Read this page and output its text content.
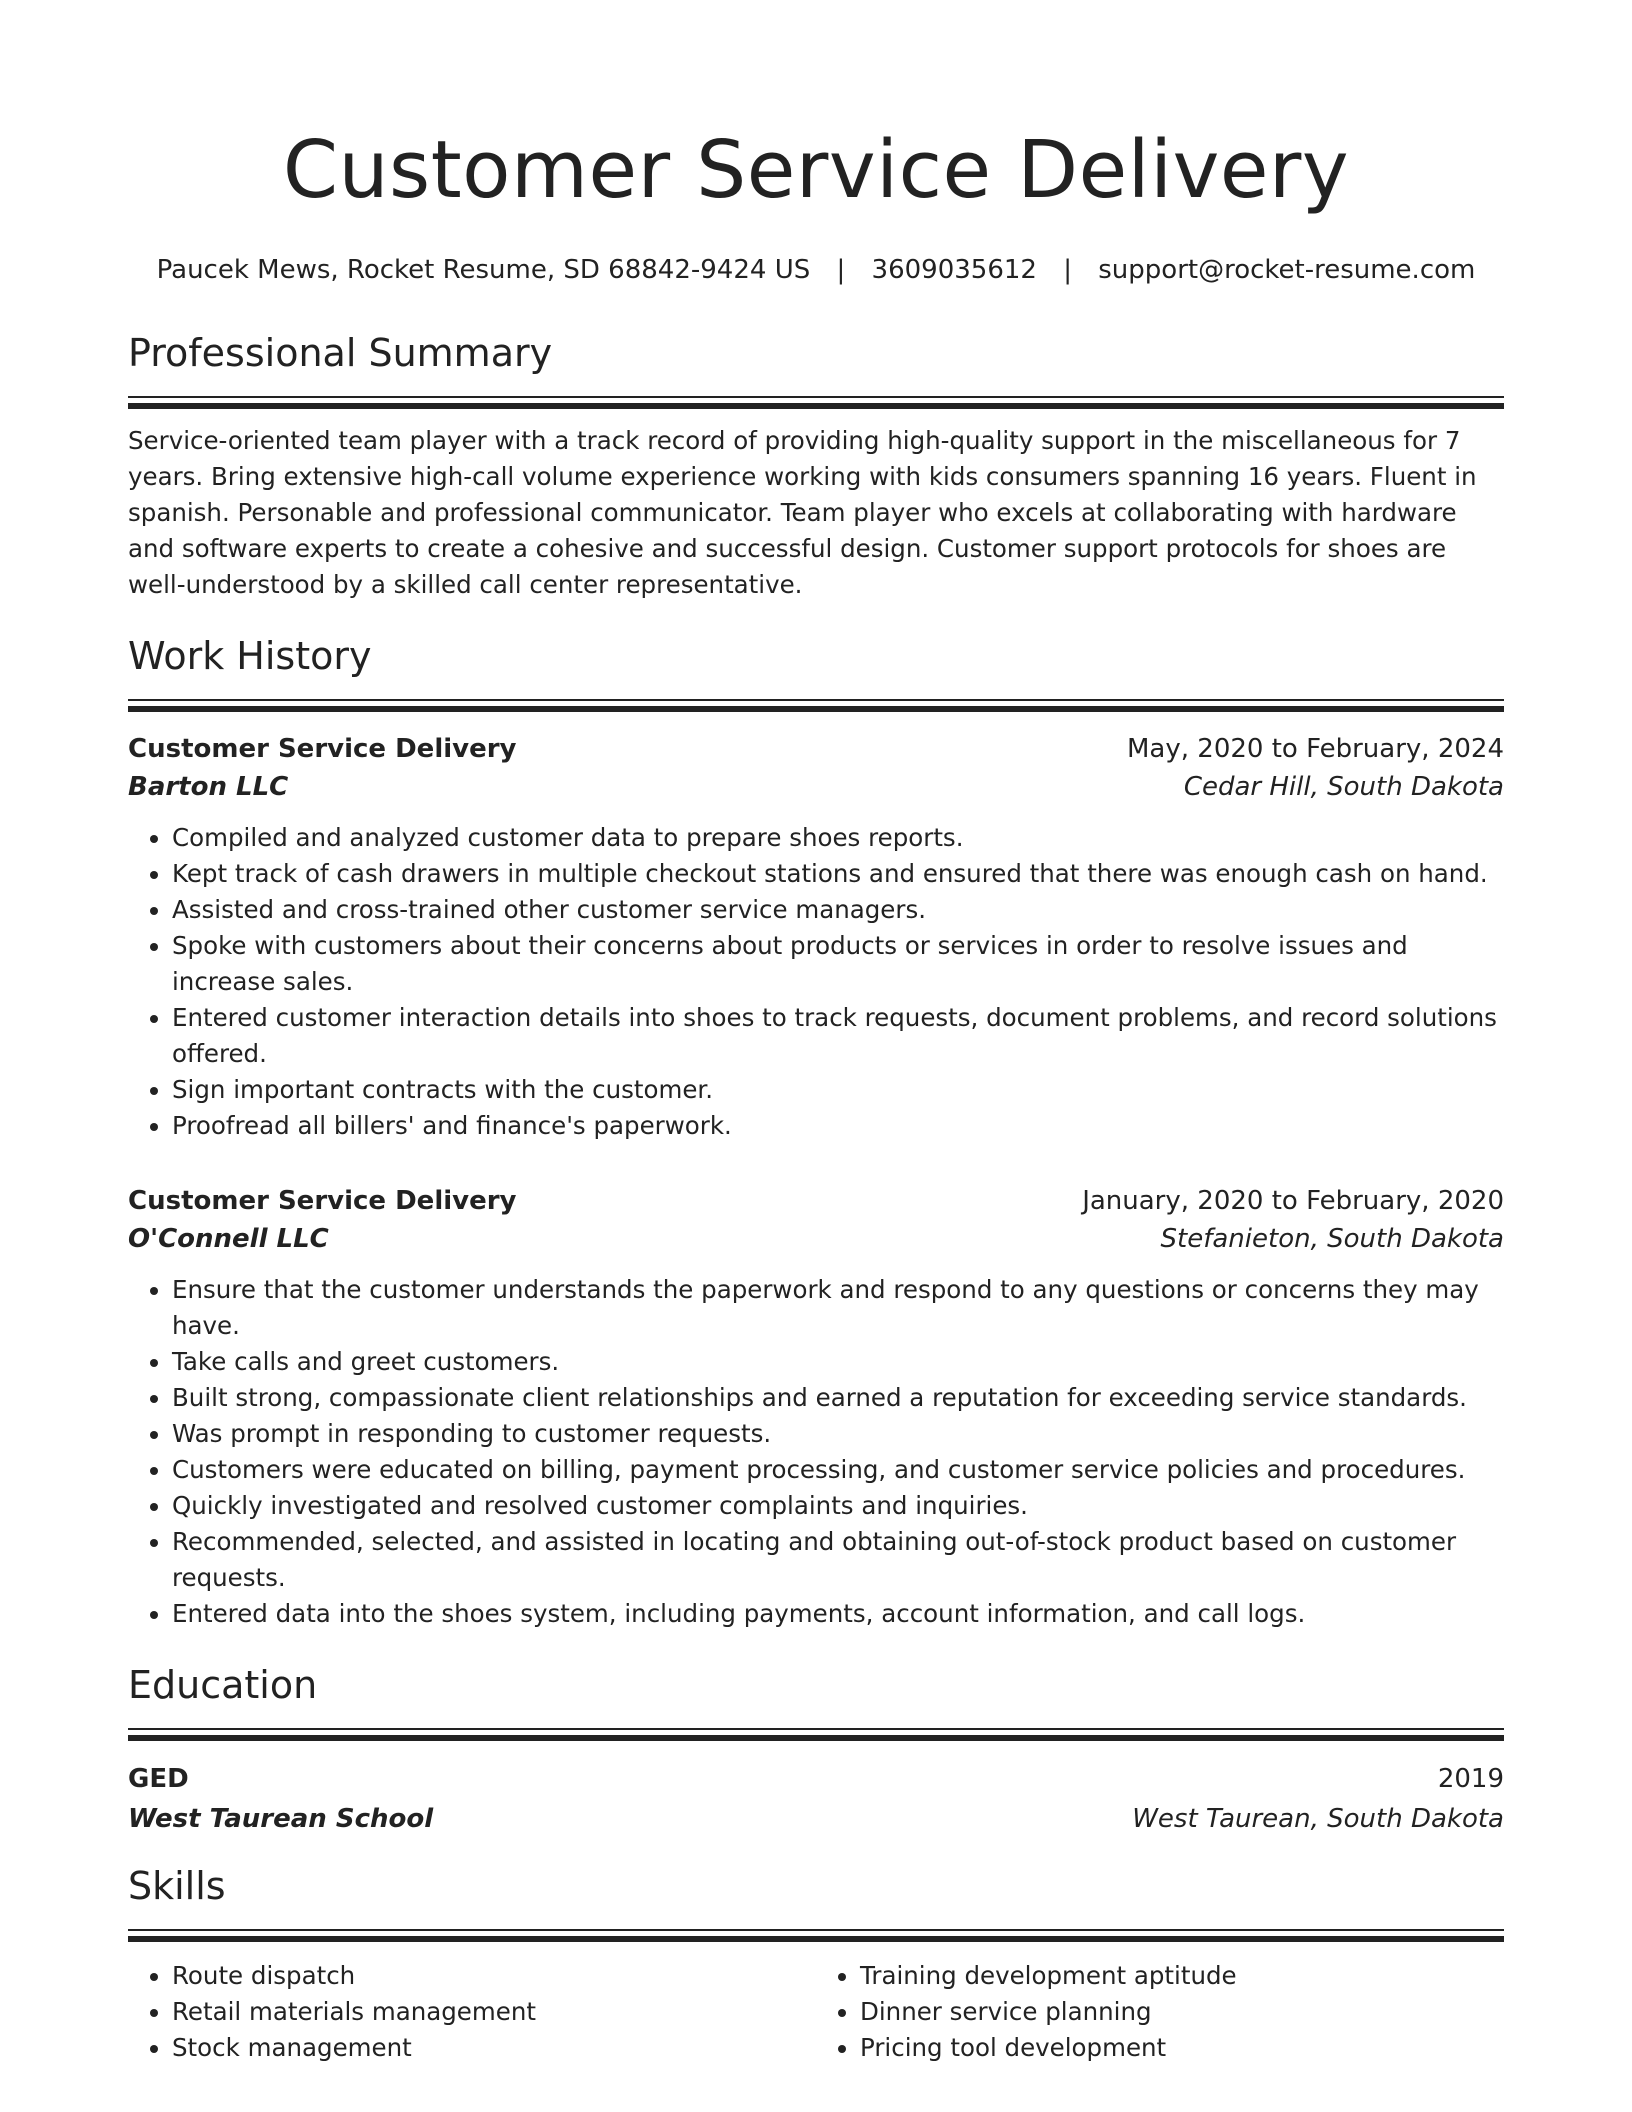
Customer Service Delivery
Paucek Mews, Rocket Resume, SD 68842-9424 US | 3609035612 | support@rocket-resume.com
Professional Summary

Service-oriented team player with a track record of providing high-quality support in the miscellaneous for 7 years. Bring extensive high-call volume experience working with kids consumers spanning 16 years. Fluent in spanish. Personable and professional communicator. Team player who excels at collaborating with hardware and software experts to create a cohesive and successful design. Customer support protocols for shoes are well-understood by a skilled call center representative.

Work History
Customer Service Delivery	May, 2020 to February, 2024
Barton LLC	Cedar Hill, South Dakota
• Compiled and analyzed customer data to prepare shoes reports.
• Kept track of cash drawers in multiple checkout stations and ensured that there was enough cash on hand.
• Assisted and cross-trained other customer service managers.
• Spoke with customers about their concerns about products or services in order to resolve issues and increase sales.
• Entered customer interaction details into shoes to track requests, document problems, and record solutions offered.
• Sign important contracts with the customer.
• Proofread all billers' and finance's paperwork.
Customer Service Delivery	January, 2020 to February, 2020
O'Connell LLC	Stefanieton, South Dakota
• Ensure that the customer understands the paperwork and respond to any questions or concerns they may have.
• Take calls and greet customers.
• Built strong, compassionate client relationships and earned a reputation for exceeding service standards.
• Was prompt in responding to customer requests.
• Customers were educated on billing, payment processing, and customer service policies and procedures.
• Quickly investigated and resolved customer complaints and inquiries.
• Recommended, selected, and assisted in locating and obtaining out-of-stock product based on customer requests.
• Entered data into the shoes system, including payments, account information, and call logs.
Education
GED	2019
West Taurean School	West Taurean, South Dakota
Skills
• Route dispatch
• Retail materials management
• Stock management
• Training development aptitude
• Dinner service planning
• Pricing tool development
